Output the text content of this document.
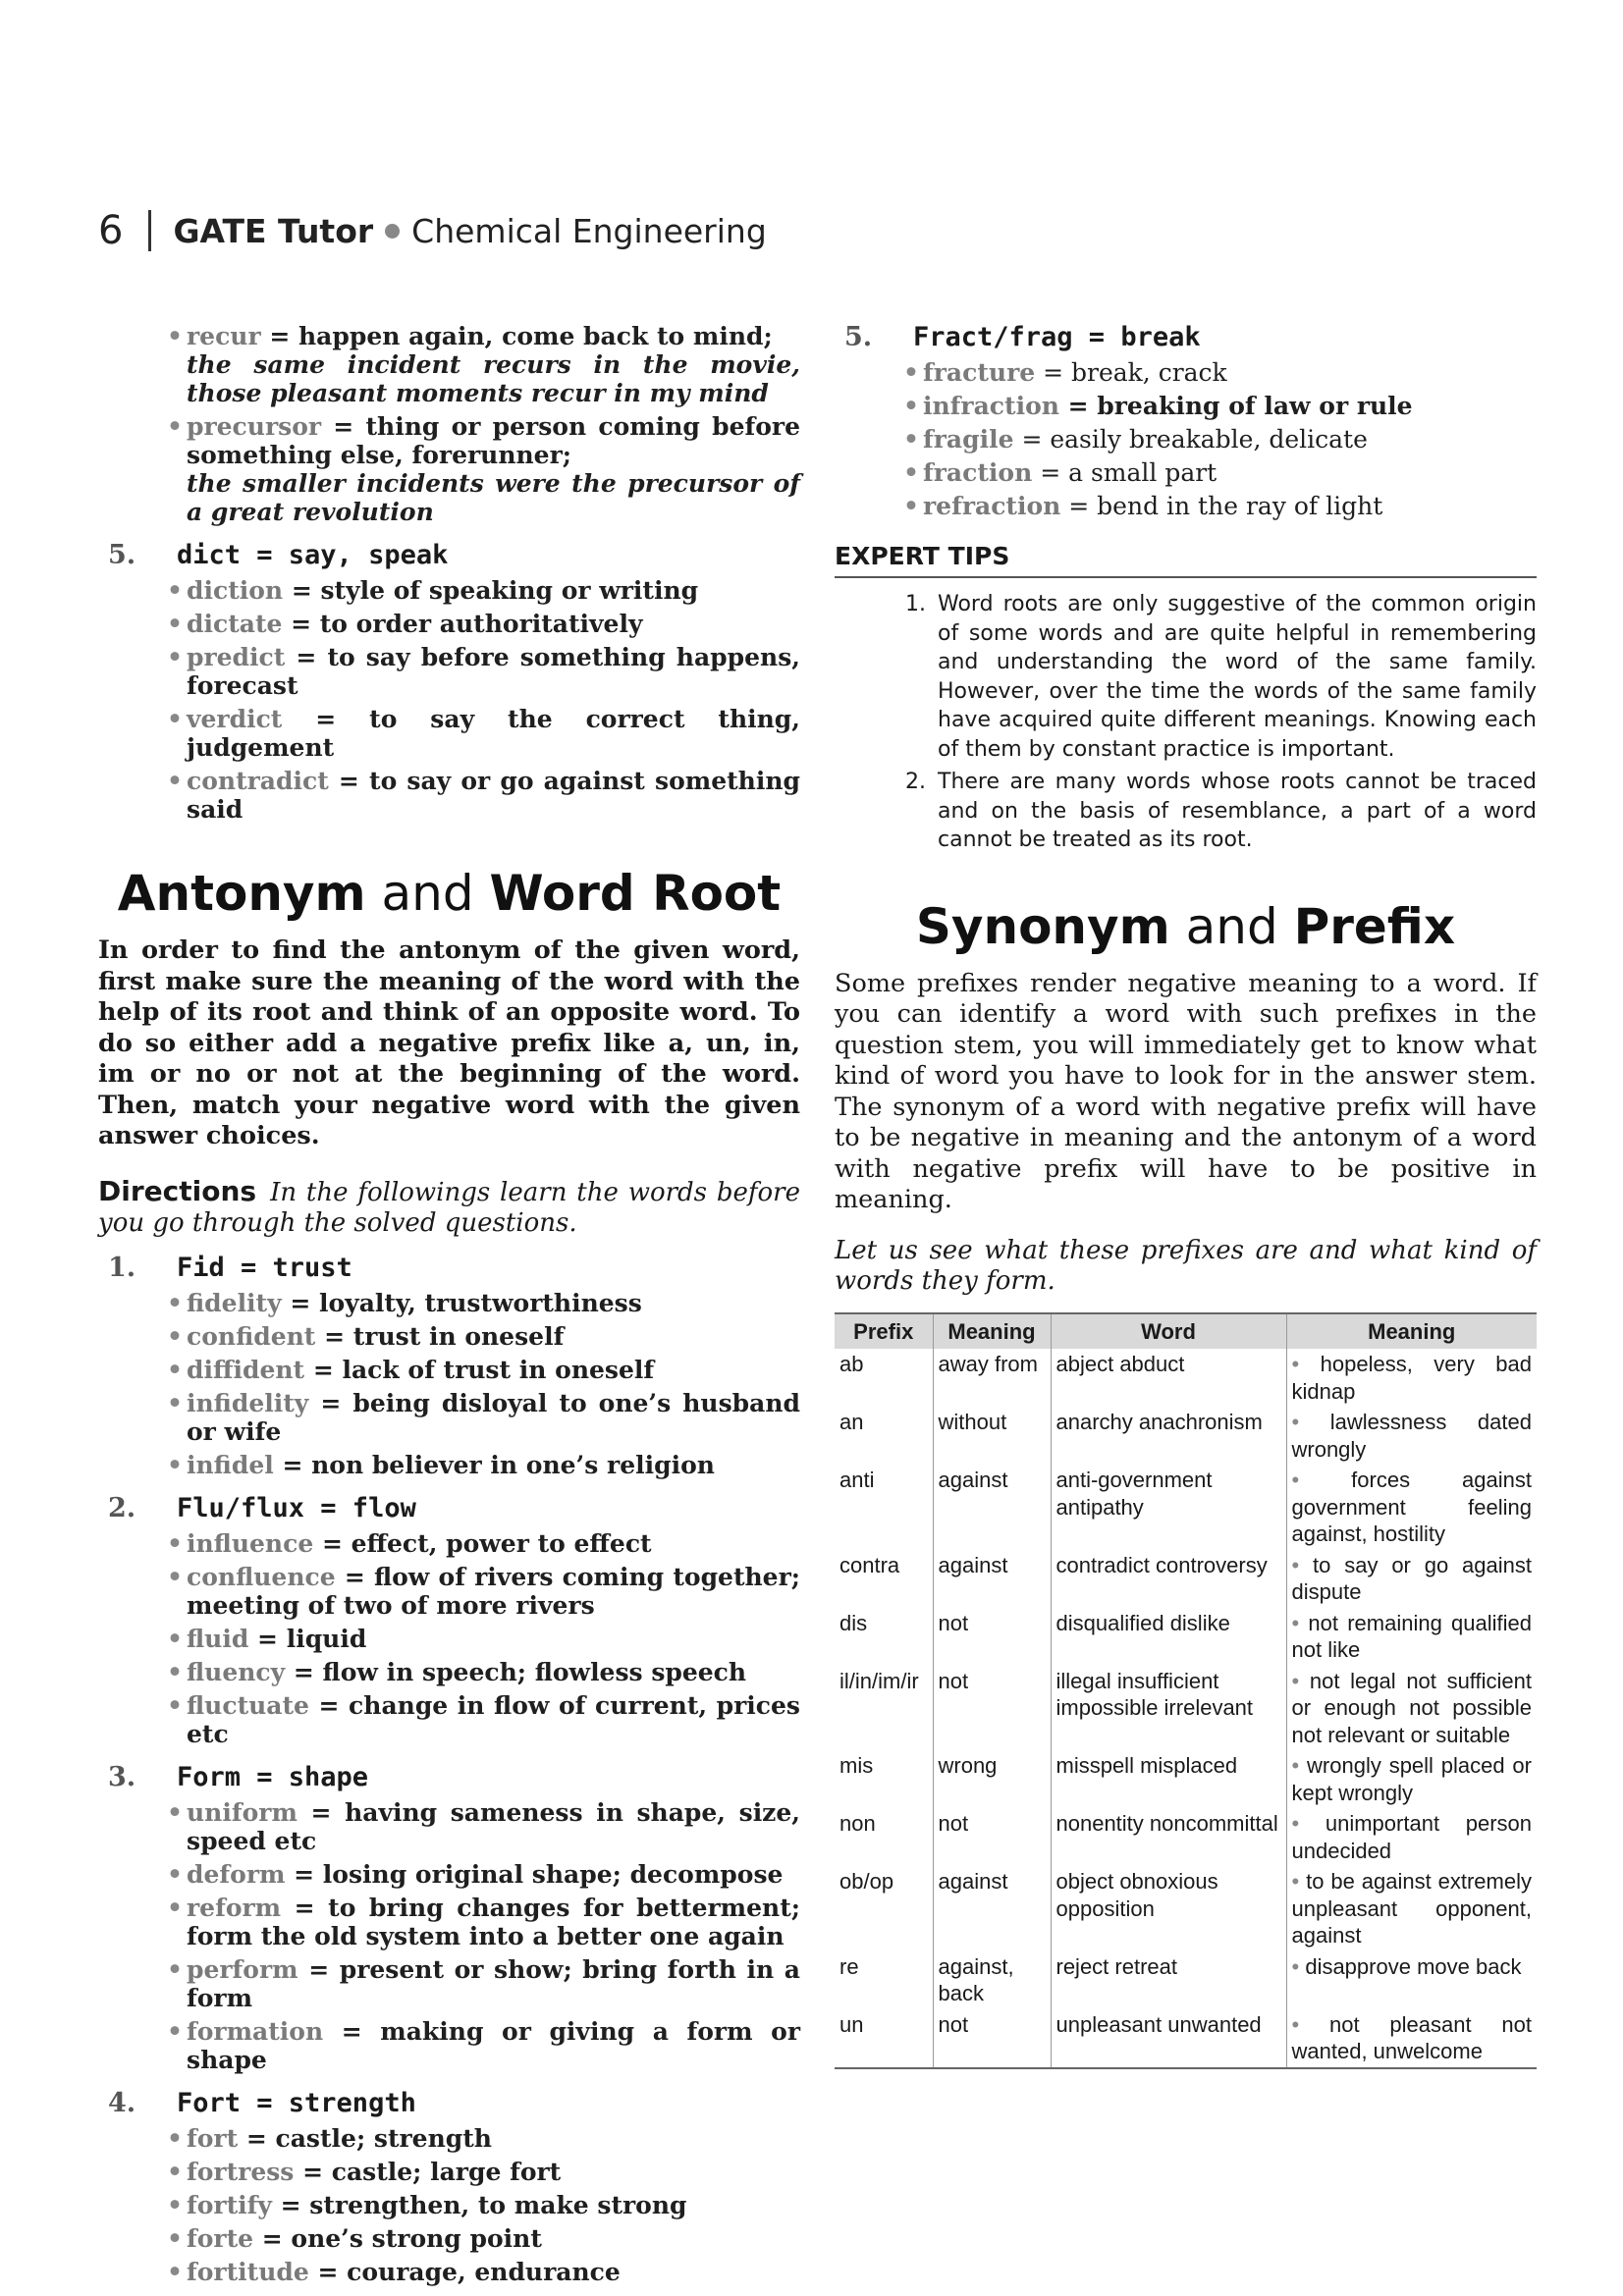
6 GATE Tutor Chemical Engineering
• recur = happen again, come back to mind;
the same incident recurs in the movie, those pleasant moments recur in my mind
• precursor = thing or person coming before something else, forerunner;
the smaller incidents were the precursor of a great revolution
5.	dict = say, speak
• diction = style of speaking or writing
• dictate = to order authoritatively
• predict = to say before something happens, forecast
• verdict = to say the correct thing, judgement
• contradict = to say or go against something said
Antonym and Word Root

In order to find the antonym of the given word, first make sure the meaning of the word with the help of its root and think of an opposite word. To do so either add a negative prefix like a, un, in, im or no or not at the beginning of the word. Then, match your negative word with the given answer choices.

Directions In the followings learn the words before you go through the solved questions.

1.	Fid = trust
• fidelity = loyalty, trustworthiness
• confident = trust in oneself
• diffident = lack of trust in oneself
• infidelity = being disloyal to one’s husband or wife
• infidel = non believer in one’s religion
2.	Flu/flux = flow
• influence = effect, power to effect
• confluence = flow of rivers coming together; meeting of two of more rivers
• fluid = liquid
• fluency = flow in speech; flowless speech
• fluctuate = change in flow of current, prices etc
3.	Form = shape
• uniform = having sameness in shape, size, speed etc
• deform = losing original shape; decompose
• reform = to bring changes for betterment; form the old system into a better one again
• perform = present or show; bring forth in a form
• formation = making or giving a form or shape
4.	Fort = strength
• fort = castle; strength
• fortress = castle; large fort
• fortify = strengthen, to make strong
• forte = one’s strong point
• fortitude = courage, endurance
5.	Fract/frag = break
• fracture = break, crack
• infraction = breaking of law or rule
• fragile = easily breakable, delicate
• fraction = a small part
• refraction = bend in the ray of light
EXPERT TIPS
1. Word roots are only suggestive of the common origin of some words and are quite helpful in remembering and understanding the word of the same family. However, over the time the words of the same family have acquired quite different meanings. Knowing each of them by constant practice is important.
2. There are many words whose roots cannot be traced and on the basis of resemblance, a part of a word cannot be treated as its root.
Synonym and Prefix

Some prefixes render negative meaning to a word. If you can identify a word with such prefixes in the question stem, you will immediately get to know what kind of word you have to look for in the answer stem. The synonym of a word with negative prefix will have to be negative in meaning and the antonym of a word with negative prefix will have to be positive in meaning.

Let us see what these prefixes are and what kind of words they form.

Prefix	Meaning	Word	Meaning
ab	away from	abject abduct	• hopeless, very bad kidnap
an	without	anarchy anachronism	• lawlessness dated wrongly
anti	against	anti-government antipathy	• forces against government feeling against, hostility
contra	against	contradict controversy	• to say or go against dispute
dis	not	disqualified dislike	• not remaining qualified not like
il/in/im/ir	not	illegal insufficient impossible irrelevant	• not legal not sufficient or enough not possible not relevant or suitable
mis	wrong	misspell misplaced	• wrongly spell placed or kept wrongly
non	not	nonentity noncommittal	• unimportant person undecided
ob/op	against	object obnoxious opposition	• to be against extremely unpleasant opponent, against
re	against, back	reject retreat	• disapprove move back
un	not	unpleasant unwanted	• not pleasant not wanted, unwelcome
